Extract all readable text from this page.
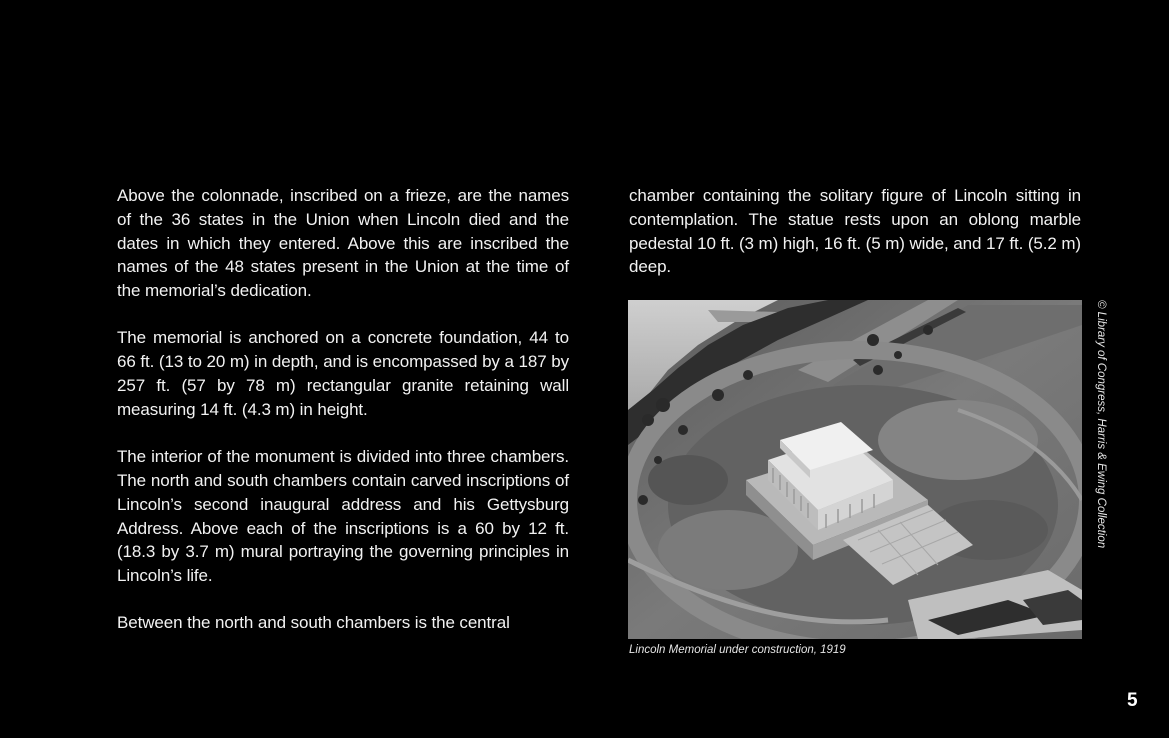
Above the colonnade, inscribed on a frieze, are the names of the 36 states in the Union when Lincoln died and the dates in which they entered. Above this are inscribed the names of the 48 states present in the Union at the time of the memorial’s dedication.

The memorial is anchored on a concrete foundation, 44 to 66 ft. (13 to 20 m) in depth, and is encompassed by a 187 by 257 ft. (57 by 78 m) rectangular granite retaining wall measuring 14 ft. (4.3 m) in height.

The interior of the monument is divided into three chambers. The north and south chambers contain carved inscriptions of Lincoln’s second inaugural address and his Gettysburg Address. Above each of the inscriptions is a 60 by 12 ft. (18.3 by 3.7 m) mural portraying the governing principles in Lincoln’s life.

Between the north and south chambers is the central

chamber containing the solitary figure of Lincoln sitting in contemplation. The statue rests upon an oblong marble pedestal 10 ft. (3 m) high, 16 ft. (5 m) wide, and 17 ft. (5.2 m) deep.

© Library of Congress, Harris & Ewing Collection
Lincoln Memorial under construction, 1919
5
